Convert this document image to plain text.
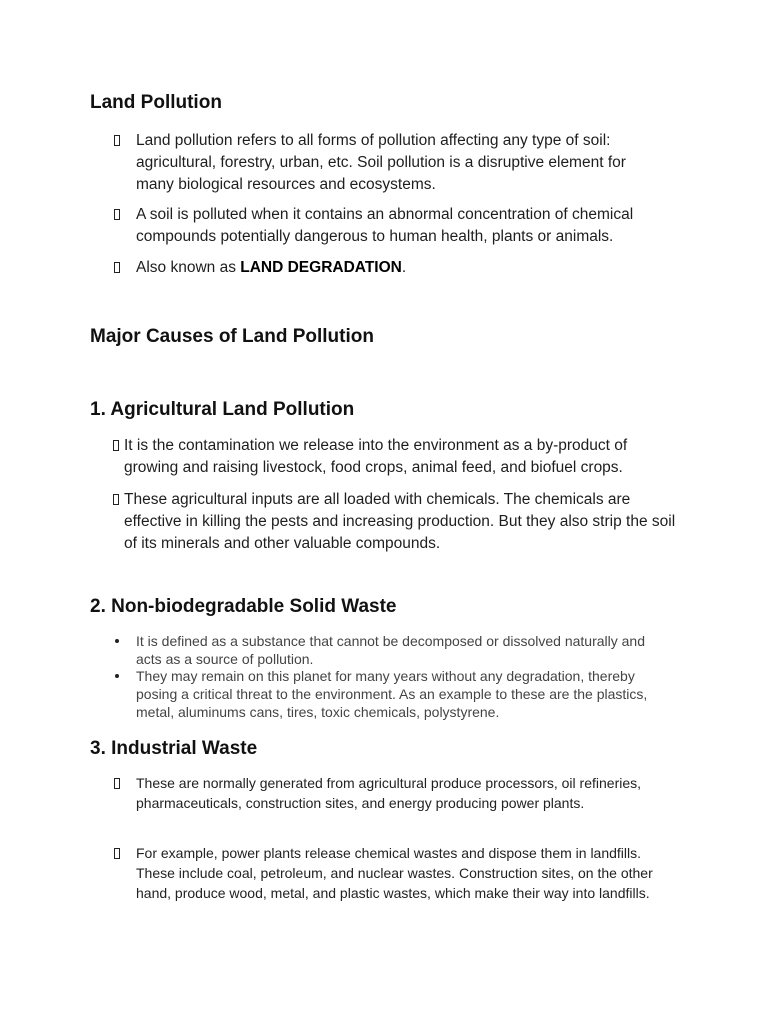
Land Pollution

Land pollution refers to all forms of pollution affecting any type of soil: agricultural, forestry, urban, etc. Soil pollution is a disruptive element for many biological resources and ecosystems.

A soil is polluted when it contains an abnormal concentration of chemical compounds potentially dangerous to human health, plants or animals.

Also known as LAND DEGRADATION.

Major Causes of Land Pollution
1. Agricultural Land Pollution

It is the contamination we release into the environment as a by-product of growing and raising livestock, food crops, animal feed, and biofuel crops.

These agricultural inputs are all loaded with chemicals. The chemicals are effective in killing the pests and increasing production. But they also strip the soil of its minerals and other valuable compounds.

2. Non-biodegradable Solid Waste

It is defined as a substance that cannot be decomposed or dissolved naturally and acts as a source of pollution.

They may remain on this planet for many years without any degradation, thereby posing a critical threat to the environment. As an example to these are the plastics, metal, aluminums cans, tires, toxic chemicals, polystyrene.

3. Industrial Waste

These are normally generated from agricultural produce processors, oil refineries, pharmaceuticals, construction sites, and energy producing power plants.

For example, power plants release chemical wastes and dispose them in landfills. These include coal, petroleum, and nuclear wastes. Construction sites, on the other hand, produce wood, metal, and plastic wastes, which make their way into landfills.
